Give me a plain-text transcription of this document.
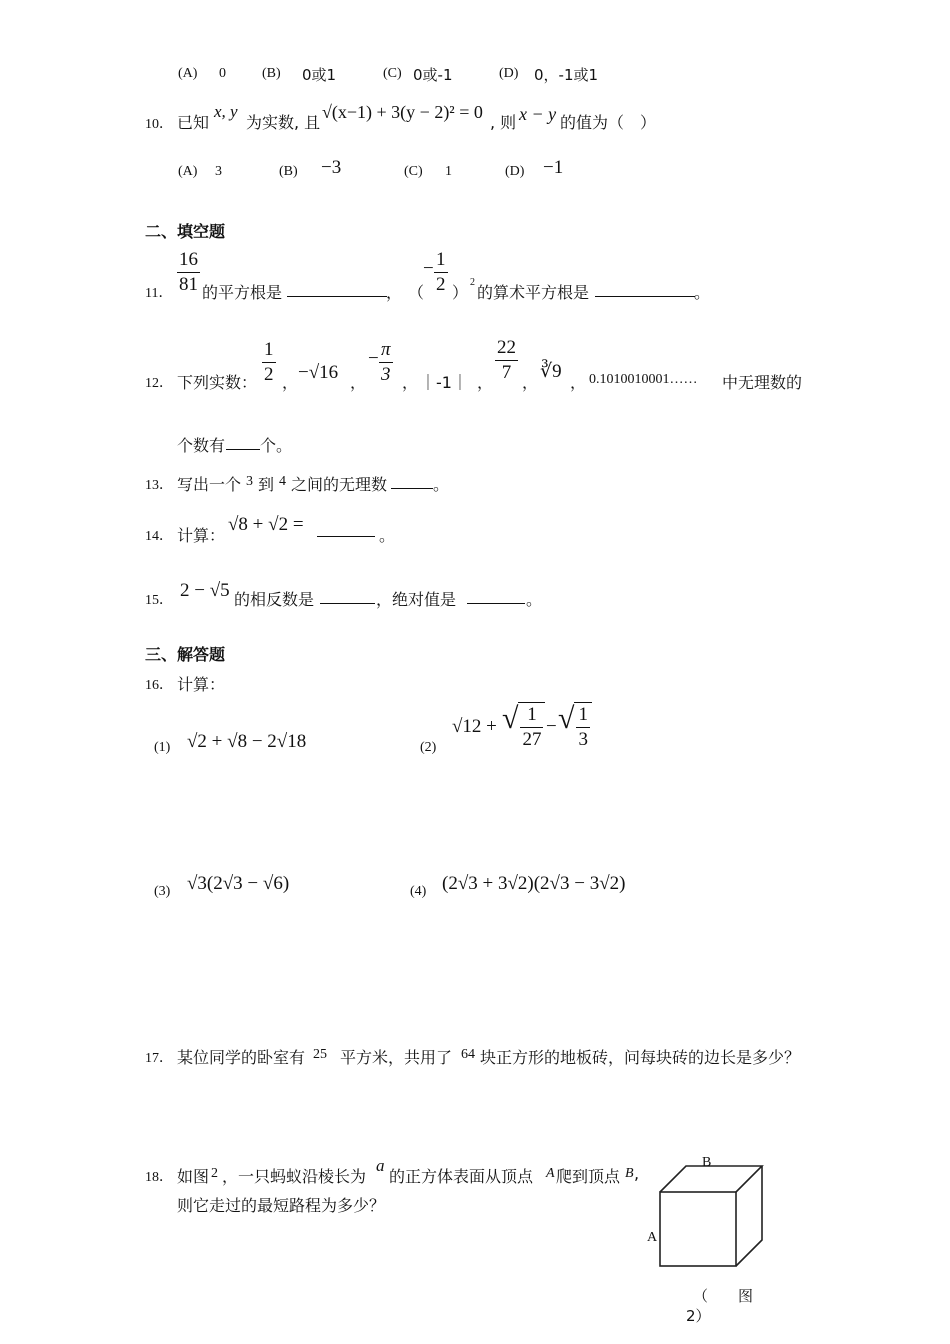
(A) 0	(B) 0或1	(C) 0或-1	(D) 0，-1或1
10． 已知
x, y
为实数, 且
√(x−1) + 3(y − 2)² = 0
, 则 x − y 的值为（　）
(A) 3	(B) −3	(C) 1	(D) −1
二、填空题
11． $\frac{16}{81}$ 的平方根是	， （
− $\frac{1}{2}$ ）
2
的算术平方根是	。
12． 下列实数： $\frac{1}{2}$ ， −√16 ，
− $\frac{\pi}{3}$ ， ｜-1｜ ， $\frac{22}{7}$ ，
∛9
， 0.1010010001…… 中无理数的
个数有 个。
13． 写出一个 3 到 4 之间的无理数	。
14． 计算：
√8 + √2 =
。
15． 2 − √5 的相反数是	，绝对值是	。
三、解答题
16． 计算：
(1) √2 + √8 − 2√18	(2)
√12 + √ $\frac{1}{27}$ − √ $\frac{1}{3}$
(3) √3(2√3 − √6)	(4) (2√3 + 3√2)(2√3 − 3√2)
17． 某位同学的卧室有 25 平方米，共用了 64 块正方形的地板砖，问每块砖的边长是多少？
18． 如图 2 ，一只蚂蚁沿棱长为
a
的正方体表面从顶点 A 爬到顶点 B ,
则它走过的最短路程为多少？
B
A
（　　图
2）
